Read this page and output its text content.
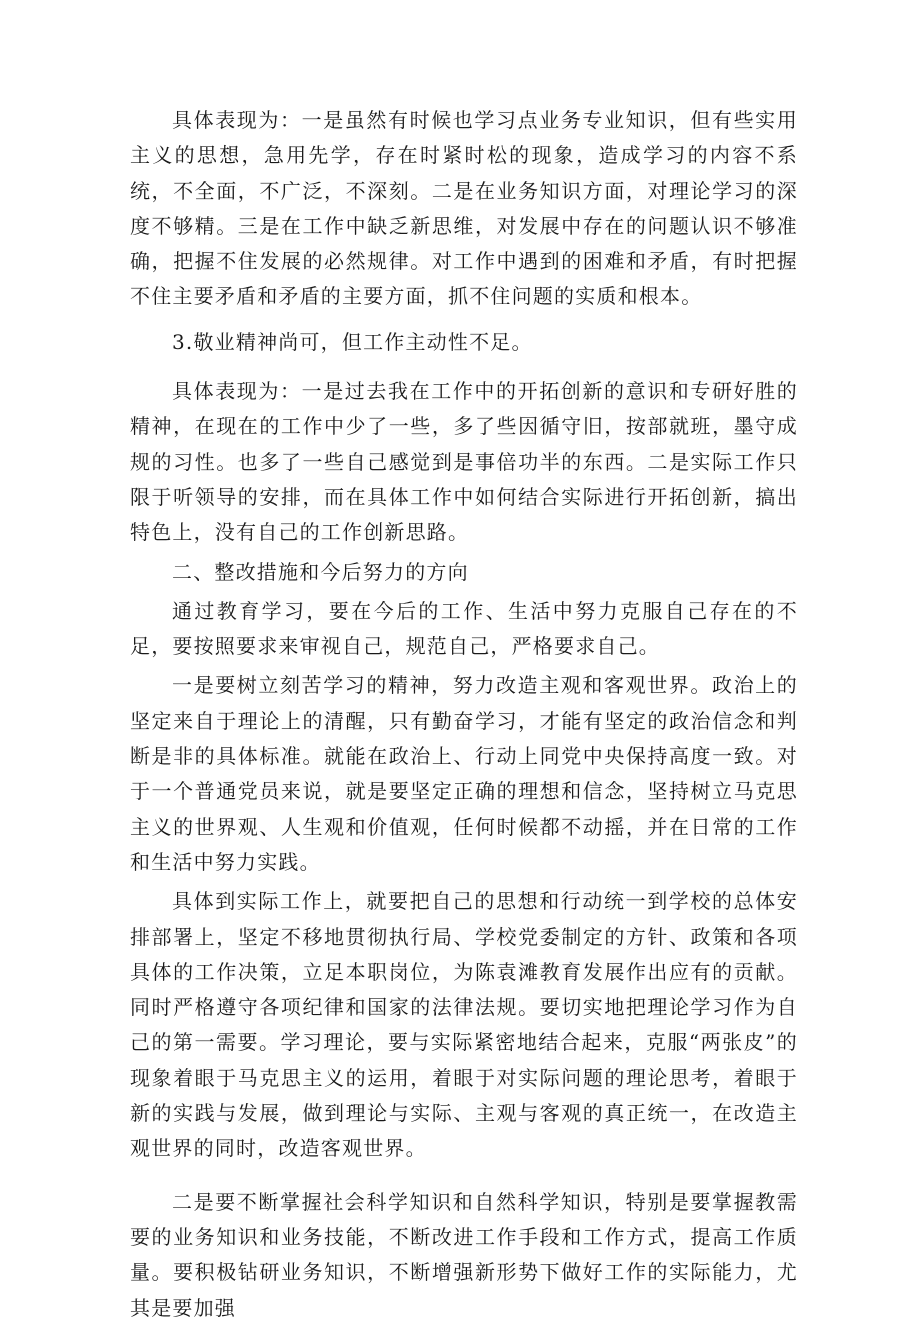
具体表现为：一是虽然有时候也学习点业务专业知识，但有些实用主义的思想，急用先学，存在时紧时松的现象，造成学习的内容不系统，不全面，不广泛，不深刻。二是在业务知识方面，对理论学习的深度不够精。三是在工作中缺乏新思维，对发展中存在的问题认识不够准确，把握不住发展的必然规律。对工作中遇到的困难和矛盾，有时把握不住主要矛盾和矛盾的主要方面，抓不住问题的实质和根本。

3.敬业精神尚可，但工作主动性不足。

具体表现为：一是过去我在工作中的开拓创新的意识和专研好胜的精神，在现在的工作中少了一些，多了些因循守旧，按部就班，墨守成规的习性。也多了一些自己感觉到是事倍功半的东西。二是实际工作只限于听领导的安排，而在具体工作中如何结合实际进行开拓创新，搞出特色上，没有自己的工作创新思路。

二、整改措施和今后努力的方向

通过教育学习，要在今后的工作、生活中努力克服自己存在的不足，要按照要求来审视自己，规范自己，严格要求自己。

一是要树立刻苦学习的精神，努力改造主观和客观世界。政治上的坚定来自于理论上的清醒，只有勤奋学习，才能有坚定的政治信念和判断是非的具体标准。就能在政治上、行动上同党中央保持高度一致。对于一个普通党员来说，就是要坚定正确的理想和信念，坚持树立马克思主义的世界观、人生观和价值观，任何时候都不动摇，并在日常的工作和生活中努力实践。

具体到实际工作上，就要把自己的思想和行动统一到学校的总体安排部署上，坚定不移地贯彻执行局、学校党委制定的方针、政策和各项具体的工作决策，立足本职岗位，为陈袁滩教育发展作出应有的贡献。同时严格遵守各项纪律和国家的法律法规。要切实地把理论学习作为自己的第一需要。学习理论，要与实际紧密地结合起来，克服“两张皮”的现象着眼于马克思主义的运用，着眼于对实际问题的理论思考，着眼于新的实践与发展，做到理论与实际、主观与客观的真正统一，在改造主观世界的同时，改造客观世界。

二是要不断掌握社会科学知识和自然科学知识，特别是要掌握教需要的业务知识和业务技能，不断改进工作手段和工作方式，提高工作质量。要积极钻研业务知识，不断增强新形势下做好工作的实际能力，尤其是要加强
